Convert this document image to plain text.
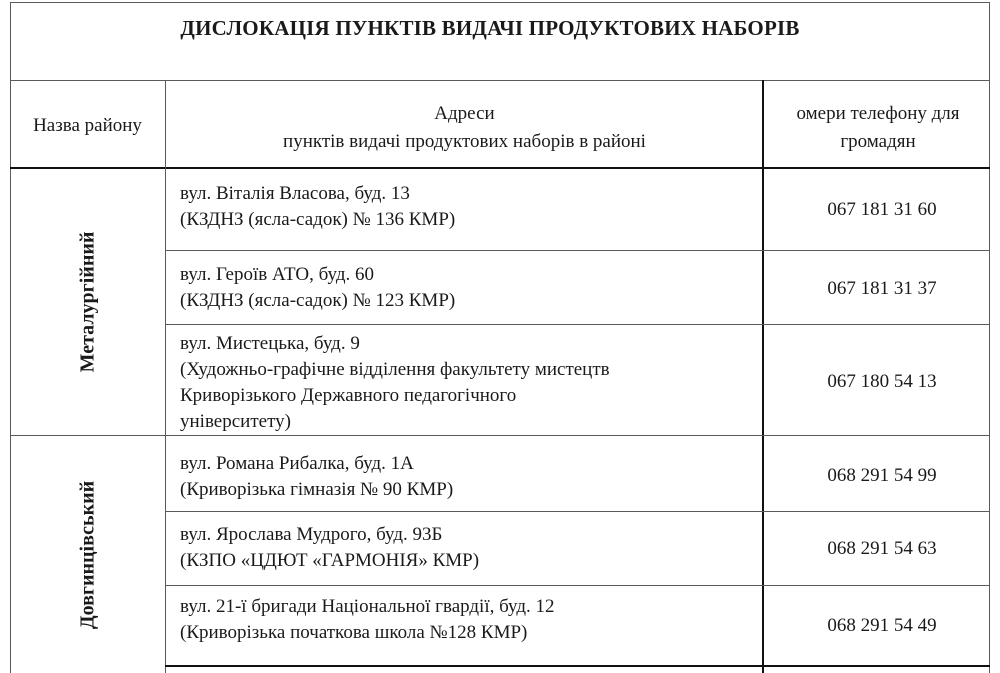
ДИСЛОКАЦІЯ ПУНКТІВ ВИДАЧІ ПРОДУКТОВИХ НАБОРІВ
Назва району
Адреси
пунктів видачі продуктових наборів в районі
омери телефону для
громадян
Металургійний
вул. Віталія Власова, буд. 13
(КЗДНЗ (ясла-садок) № 136 КМР)	067 181 31 60
вул. Героїв АТО, буд. 60
(КЗДНЗ (ясла-садок) № 123 КМР)
067 181 31 37
вул. Мистецька, буд. 9
(Художньо-графічне відділення факультету мистецтв
Криворізького Державного педагогічного
університету)
067 180 54 13
Довгинцівський
вул. Романа Рибалка, буд. 1А
(Криворізька гімназія № 90 КМР)
068 291 54 99
вул. Ярослава Мудрого, буд. 93Б
(КЗПО «ЦДЮТ «ГАРМОНІЯ» КМР)
068 291 54 63
вул. 21-ї бригади Національної гвардії, буд. 12
(Криворізька початкова школа №128 КМР)	068 291 54 49
